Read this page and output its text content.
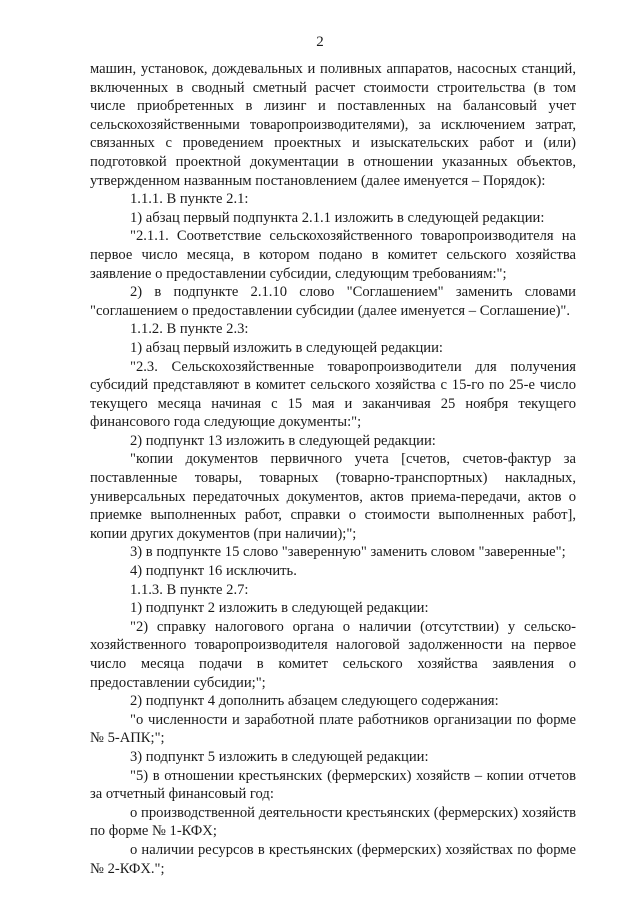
2

машин, установок, дождевальных и поливных аппаратов, насосных станций, включенных в сводный сметный расчет стоимости строительства (в том числе приобретенных в лизинг и поставленных на балансовый учет сельскохозяйственными товаропроизводителями), за исключением затрат, связанных с проведением проектных и изыскательских работ и (или) подготовкой проектной документации в отношении указанных объектов, утвержденном названным постановлением (далее именуется – Порядок):

1.1.1. В пункте 2.1:

1) абзац первый подпункта 2.1.1 изложить в следующей редакции:

"2.1.1. Соответствие сельскохозяйственного товаропроизводителя на первое число месяца, в котором подано в комитет сельского хозяйства заявление о предоставлении субсидии, следующим требованиям:";

2) в подпункте 2.1.10 слово "Соглашением" заменить словами "соглашением о предоставлении субсидии (далее именуется – Соглашение)".

1.1.2. В пункте 2.3:

1) абзац первый изложить в следующей редакции:

"2.3. Сельскохозяйственные товаропроизводители для получения субсидий представляют в комитет сельского хозяйства с 15-го по 25-е число текущего месяца начиная с 15 мая и заканчивая 25 ноября текущего финансового года следующие документы:";

2) подпункт 13 изложить в следующей редакции:

"копии документов первичного учета [счетов, счетов-фактур за поставленные товары, товарных (товарно-транспортных) накладных, универсальных передаточных документов, актов приема-передачи, актов о приемке выполненных работ, справки о стоимости выполненных работ], копии других документов (при наличии);";

3) в подпункте 15 слово "заверенную" заменить словом "заверенные";

4) подпункт 16 исключить.

1.1.3. В пункте 2.7:

1) подпункт 2 изложить в следующей редакции:

"2) справку налогового органа о наличии (отсутствии) у сельско-хозяйственного товаропроизводителя налоговой задолженности на первое число месяца подачи в комитет сельского хозяйства заявления о предоставлении субсидии;";

2) подпункт 4 дополнить абзацем следующего содержания:

"о численности и заработной плате работников организации по форме № 5-АПК;";

3) подпункт 5 изложить в следующей редакции:

"5) в отношении крестьянских (фермерских) хозяйств – копии отчетов за отчетный финансовый год:

о производственной деятельности крестьянских (фермерских) хозяйств по форме № 1-КФХ;

о наличии ресурсов в крестьянских (фермерских) хозяйствах по форме № 2-КФХ.";
